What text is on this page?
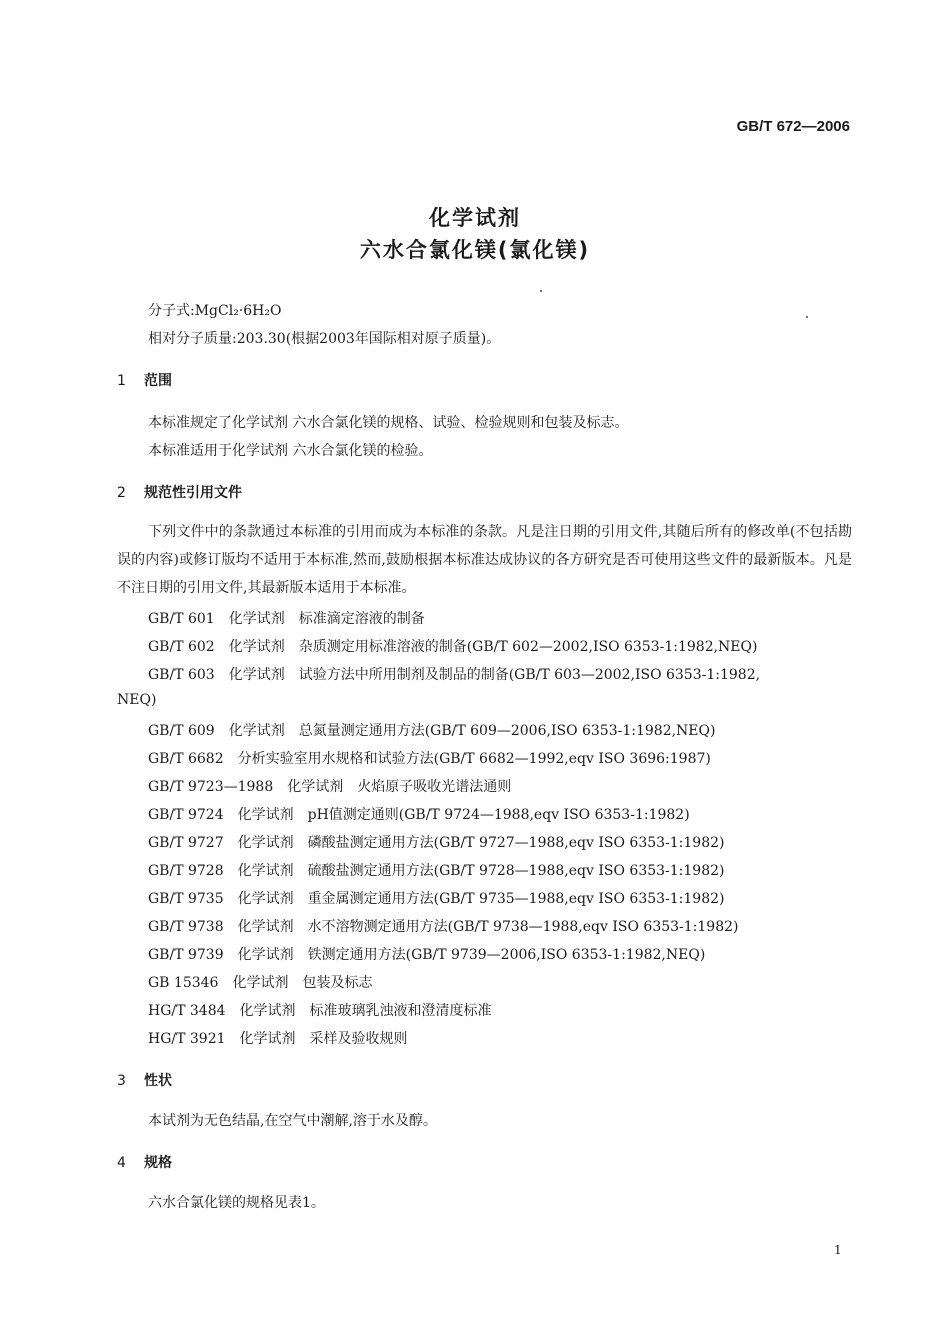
GB/T 672—2006
化学试剂
六水合氯化镁(氯化镁)
分子式:MgCl₂·6H₂O
相对分子质量:203.30(根据2003年国际相对原子质量)。
1 范围
本标准规定了化学试剂 六水合氯化镁的规格、试验、检验规则和包装及标志。
本标准适用于化学试剂 六水合氯化镁的检验。
2 规范性引用文件
下列文件中的条款通过本标准的引用而成为本标准的条款。凡是注日期的引用文件,其随后所有的修改单(不包括勘误的内容)或修订版均不适用于本标准,然而,鼓励根据本标准达成协议的各方研究是否可使用这些文件的最新版本。凡是不注日期的引用文件,其最新版本适用于本标准。
GB/T 601 化学试剂 标准滴定溶液的制备
GB/T 602 化学试剂 杂质测定用标准溶液的制备(GB/T 602—2002,ISO 6353-1:1982,NEQ)
GB/T 603 化学试剂 试验方法中所用制剂及制品的制备(GB/T 603—2002,ISO 6353-1:1982,
NEQ)
GB/T 609 化学试剂 总氮量测定通用方法(GB/T 609—2006,ISO 6353-1:1982,NEQ)
GB/T 6682 分析实验室用水规格和试验方法(GB/T 6682—1992,eqv ISO 3696:1987)
GB/T 9723—1988 化学试剂 火焰原子吸收光谱法通则
GB/T 9724 化学试剂 pH值测定通则(GB/T 9724—1988,eqv ISO 6353-1:1982)
GB/T 9727 化学试剂 磷酸盐测定通用方法(GB/T 9727—1988,eqv ISO 6353-1:1982)
GB/T 9728 化学试剂 硫酸盐测定通用方法(GB/T 9728—1988,eqv ISO 6353-1:1982)
GB/T 9735 化学试剂 重金属测定通用方法(GB/T 9735—1988,eqv ISO 6353-1:1982)
GB/T 9738 化学试剂 水不溶物测定通用方法(GB/T 9738—1988,eqv ISO 6353-1:1982)
GB/T 9739 化学试剂 铁测定通用方法(GB/T 9739—2006,ISO 6353-1:1982,NEQ)
GB 15346 化学试剂 包装及标志
HG/T 3484 化学试剂 标准玻璃乳浊液和澄清度标准
HG/T 3921 化学试剂 采样及验收规则
3 性状
本试剂为无色结晶,在空气中潮解,溶于水及醇。
4 规格
六水合氯化镁的规格见表1。
1
